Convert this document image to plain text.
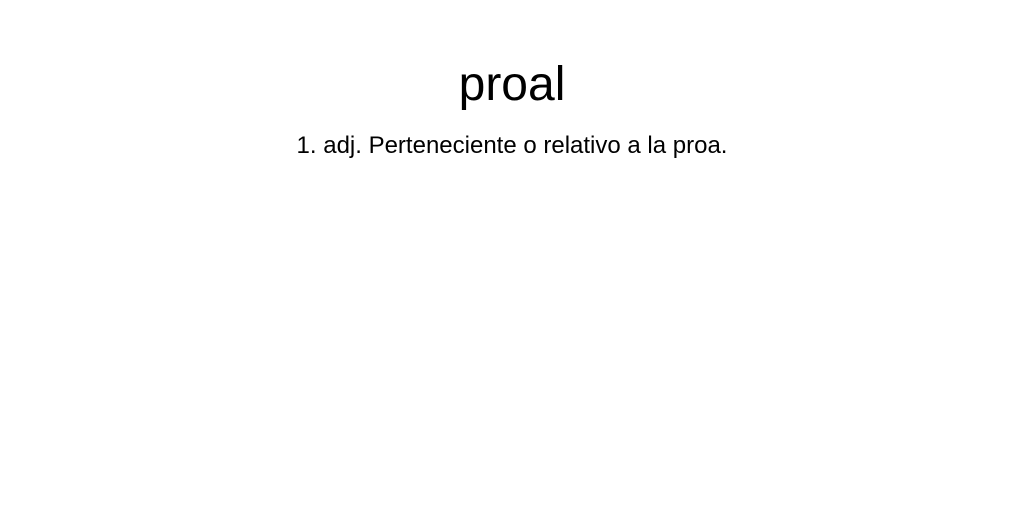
proal

1. adj. Perteneciente o relativo a la proa.
